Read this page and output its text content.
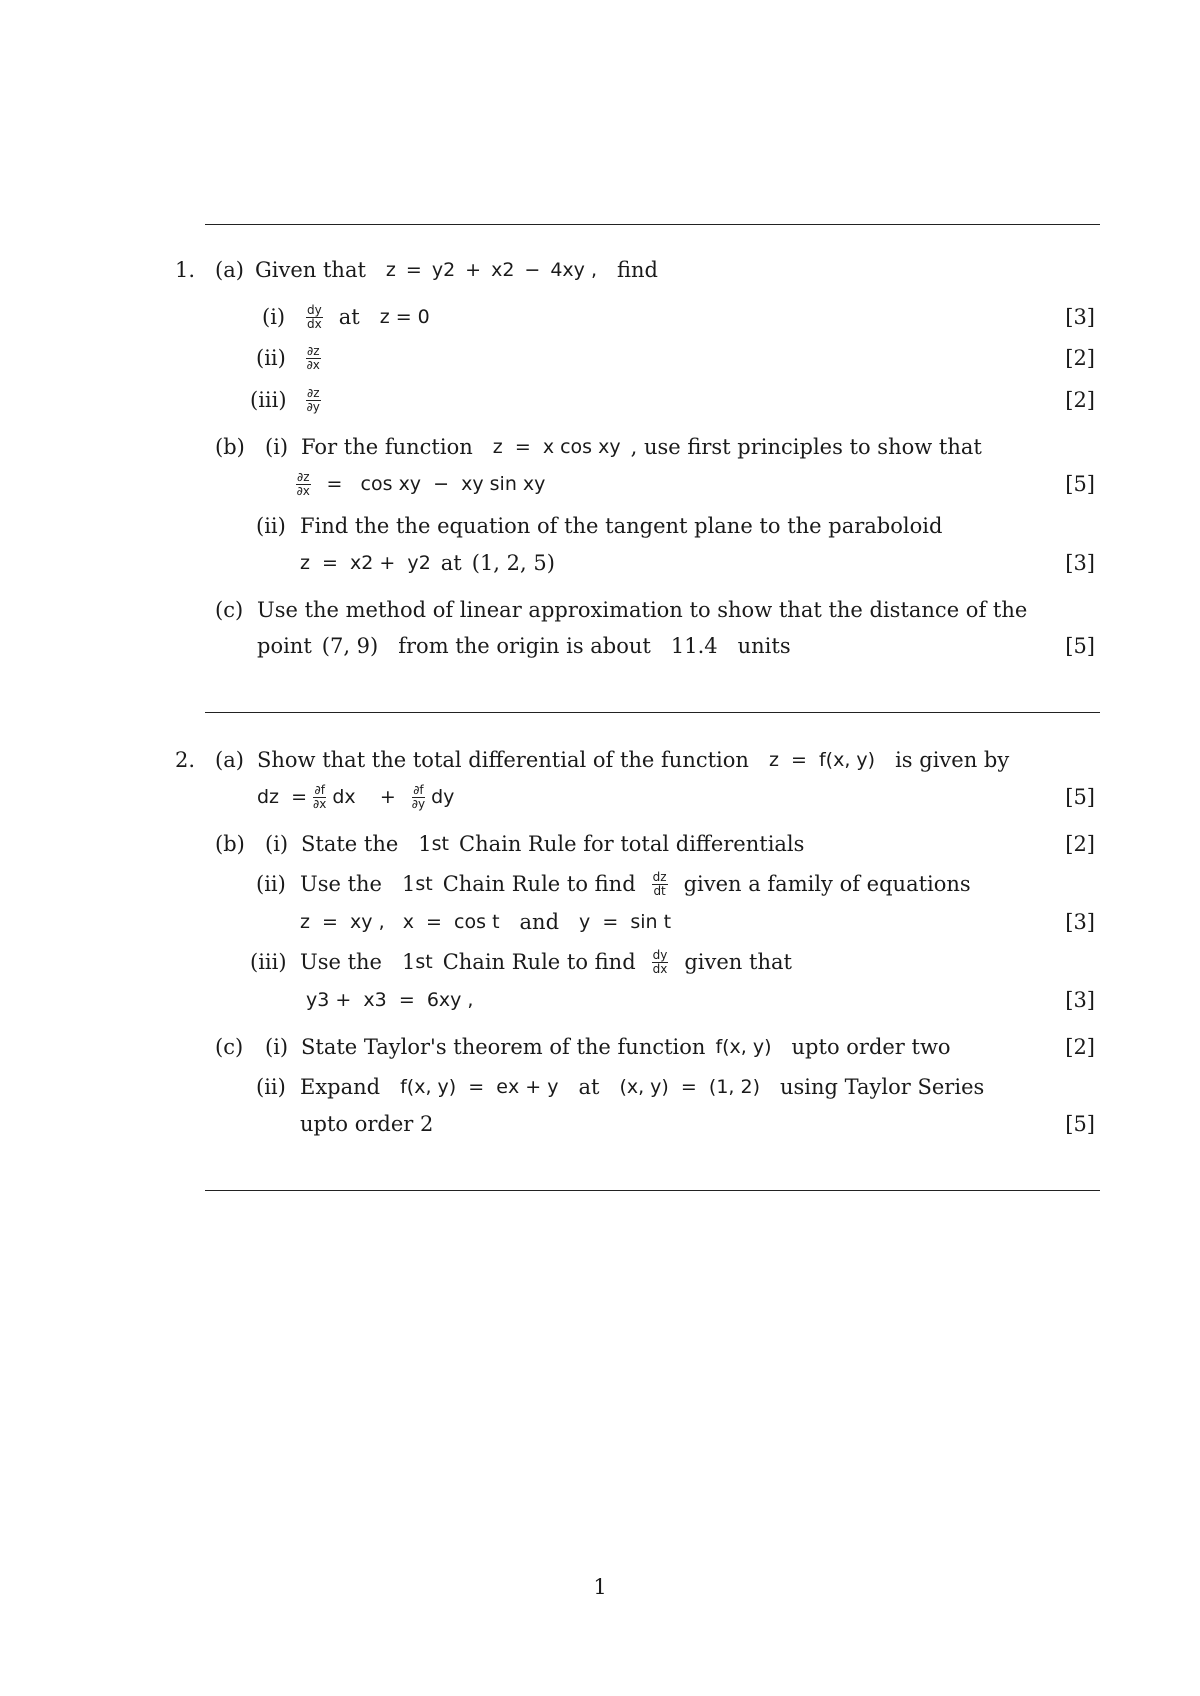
1. (a) Given that z = y 2 + x 2 − 4xy , find
(i)	$\frac{dy}{dx}$ at z = 0	[3]
(ii)	$\frac{\partial z}{\partial x}$	[2]
(iii)	$\frac{\partial z}{\partial y}$	[2]
(b) (i) For the function z  =  x cos xy , use first principles to show that
$\frac{\partial z}{\partial x} = \cos$ xy  −  xy sin xy	[5]
(ii) Find the the equation of the tangent plane to the paraboloid
z  =  x 2 +  y 2 at (1, 2, 5)	[3]
(c) Use the method of linear approximation to show that the distance of the
point (7, 9) from the origin is about 11.4 units	[5]
2. (a) Show that the total differential of the function z  =  f(x, y) is given by
dz  = $\frac{\partial f}{\partial x}$ dx    + $\frac{\partial f}{\partial y}$ dy	[5]
(b) (i) State the 1 st Chain Rule for total differentials	[2]
(ii) Use the 1 st Chain Rule to find $\frac{dz}{dt}$ given a family of equations
z  =  xy ,   x  =  cos t and y  =  sin t	[3]
(iii) Use the 1 st Chain Rule to find $\frac{dy}{dx}$ given that
y 3 +  x 3 =  6xy ,	[3]
(c)	(i) State Taylor's theorem of the function f(x, y) upto order two	[2]
(ii) Expand f(x, y)  =  e x + y at (x, y)  =  (1, 2) using Taylor Series
upto order 2	[5]
1
